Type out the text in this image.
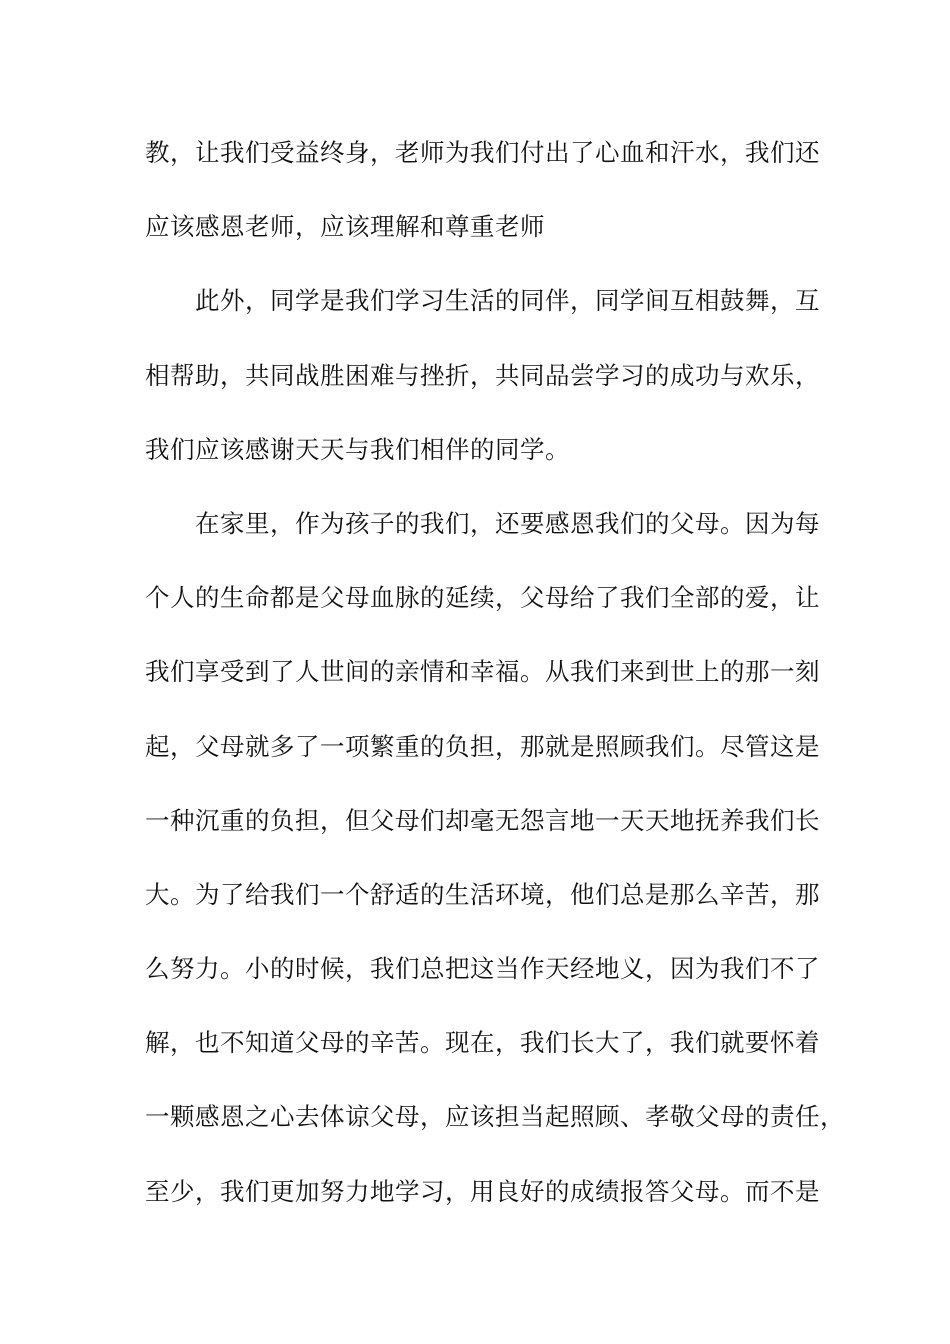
教，让我们受益终身，老师为我们付出了心血和汗水，我们还
应该感恩老师，应该理解和尊重老师
　　此外，同学是我们学习生活的同伴，同学间互相鼓舞，互
相帮助，共同战胜困难与挫折，共同品尝学习的成功与欢乐，
我们应该感谢天天与我们相伴的同学。
　　在家里，作为孩子的我们，还要感恩我们的父母。因为每
个人的生命都是父母血脉的延续，父母给了我们全部的爱，让
我们享受到了人世间的亲情和幸福。从我们来到世上的那一刻
起，父母就多了一项繁重的负担，那就是照顾我们。尽管这是
一种沉重的负担，但父母们却毫无怨言地一天天地抚养我们长
大。为了给我们一个舒适的生活环境，他们总是那么辛苦，那
么努力。小的时候，我们总把这当作天经地义，因为我们不了
解，也不知道父母的辛苦。现在，我们长大了，我们就要怀着
一颗感恩之心去体谅父母，应该担当起照顾、孝敬父母的责任，
至少，我们更加努力地学习，用良好的成绩报答父母。而不是
